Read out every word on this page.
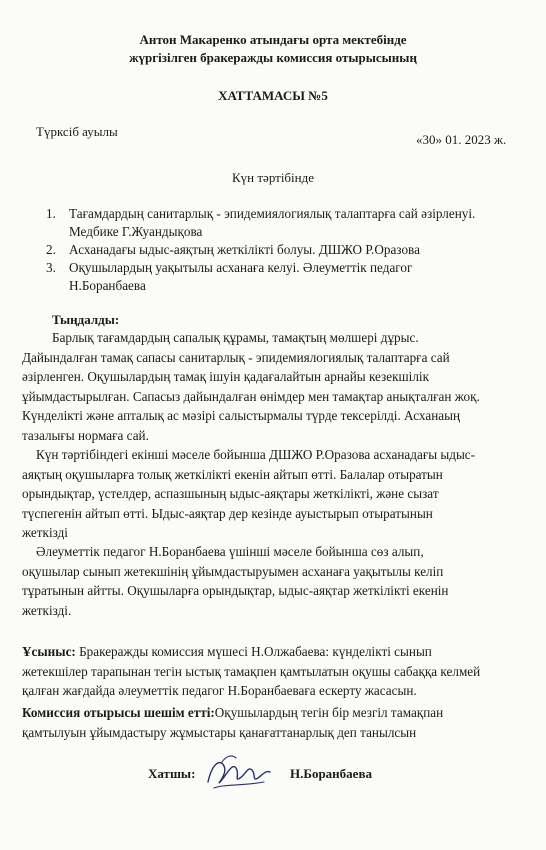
Антон Макаренко атындағы орта мектебінде
жүргізілген бракеражды комиссия отырысының
ХАТТАМАСЫ №5
Түрксіб ауылы
«30» 01. 2023 ж.
Күн тәртібінде
1. Тағамдардың санитарлық - эпидемиялогиялық талаптарға сай әзірленуі.
Медбике Г.Жуандықова
2. Асханадағы ыдыс-аяқтың жеткілікті болуы. ДШЖО Р.Оразова
3. Оқушылардың уақытылы асханаға келуі. Әлеуметтік педагог
Н.Боранбаева
Тыңдалды:
Барлық тағамдардың сапалық құрамы, тамақтың мөлшері дұрыс.
Дайындалған тамақ сапасы санитарлық - эпидемиялогиялық талаптарға сай
әзірленген. Оқушылардың тамақ ішуін қадағалайтын арнайы кезекшілік
ұйымдастырылған. Сапасыз дайындалған өнімдер мен тамақтар анықталған жоқ.
Күнделікті және апталық ас мәзірі салыстырмалы түрде тексерілді. Асханаың
тазалығы нормаға сай.
Күн тәртібіндегі екінші мәселе бойынша ДШЖО Р.Оразова асханадағы ыдыс-
аяқтың оқушыларға толық жеткілікті екенін айтып өтті. Балалар отыратын
орындықтар, үстелдер, аспазшының ыдыс-аяқтары жеткілікті, және сызат
түспегенін айтып өтті. Ыдыс-аяқтар дер кезінде ауыстырып отыратынын
жеткізді
Әлеуметтік педагог Н.Боранбаева үшінші мәселе бойынша сөз алып,
оқушылар сынып жетекшінің ұйымдастыруымен асханаға уақытылы келіп
тұратынын айтты. Оқушыларға орындықтар, ыдыс-аяқтар жеткілікті екенін
жеткізді.
Ұсыныс: Бракеражды комиссия мүшесі Н.Олжабаева: күнделікті сынып
жетекшілер тарапынан тегін ыстық тамақпен қамтылатын оқушы сабаққа келмей
қалған жағдайда әлеуметтік педагог Н.Боранбаеваға ескерту жасасын.
Комиссия отырысы шешім етті:Оқушылардың тегін бір мезгіл тамақпан
қамтылуын ұйымдастыру жұмыстары қанағаттанарлық деп танылсын
Хатшы:	Н.Боранбаева
